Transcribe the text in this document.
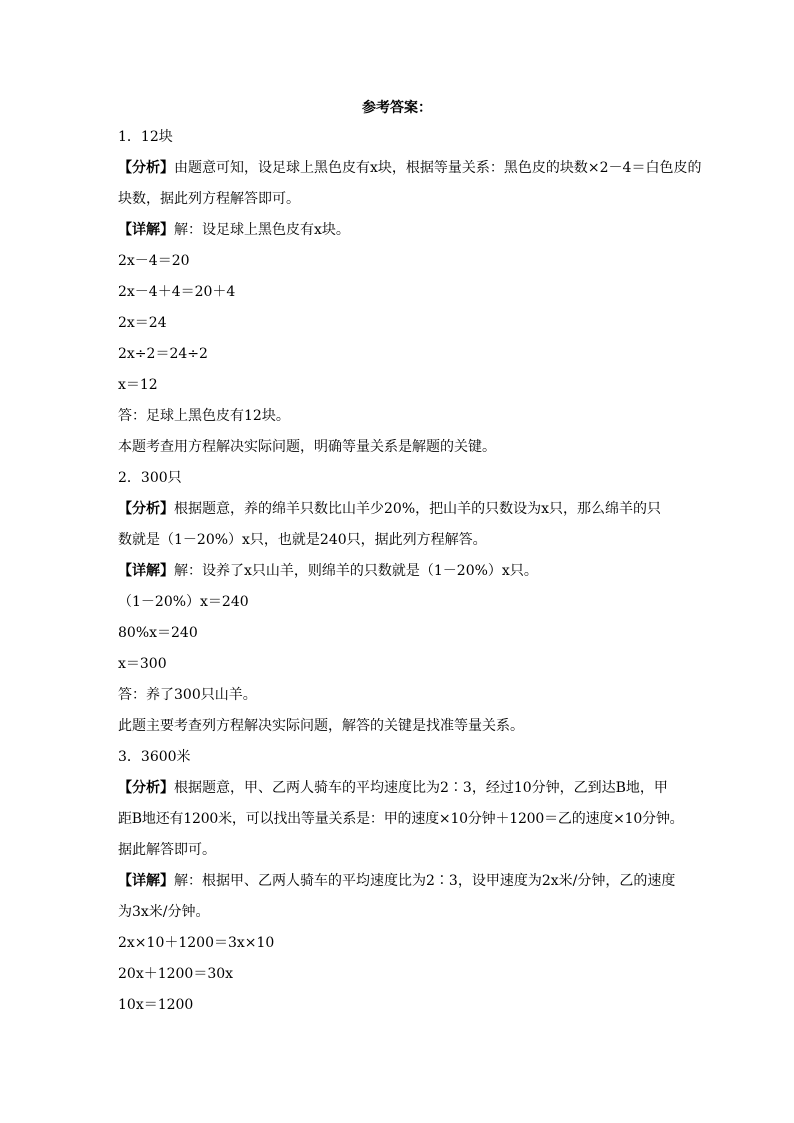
参考答案：
1．12块
【分析】由题意可知，设足球上黑色皮有x块，根据等量关系：黑色皮的块数×2－4＝白色皮的
块数，据此列方程解答即可。
【详解】解：设足球上黑色皮有x块。
2x－4＝20
2x－4＋4＝20＋4
2x＝24
2x÷2＝24÷2
x＝12
答：足球上黑色皮有12块。
本题考查用方程解决实际问题，明确等量关系是解题的关键。
2．300只
【分析】根据题意，养的绵羊只数比山羊少20%，把山羊的只数设为x只，那么绵羊的只
数就是（1－20%）x只，也就是240只，据此列方程解答。
【详解】解：设养了x只山羊，则绵羊的只数就是（1－20%）x只。
（1－20%）x＝240
80%x＝240
x＝300
答：养了300只山羊。
此题主要考查列方程解决实际问题，解答的关键是找准等量关系。
3．3600米
【分析】根据题意，甲、乙两人骑车的平均速度比为2∶3，经过10分钟，乙到达B地，甲
距B地还有1200米，可以找出等量关系是：甲的速度×10分钟＋1200＝乙的速度×10分钟。
据此解答即可。
【详解】解：根据甲、乙两人骑车的平均速度比为2∶3，设甲速度为2x米/分钟，乙的速度
为3x米/分钟。
2x×10＋1200＝3x×10
20x＋1200＝30x
10x＝1200
